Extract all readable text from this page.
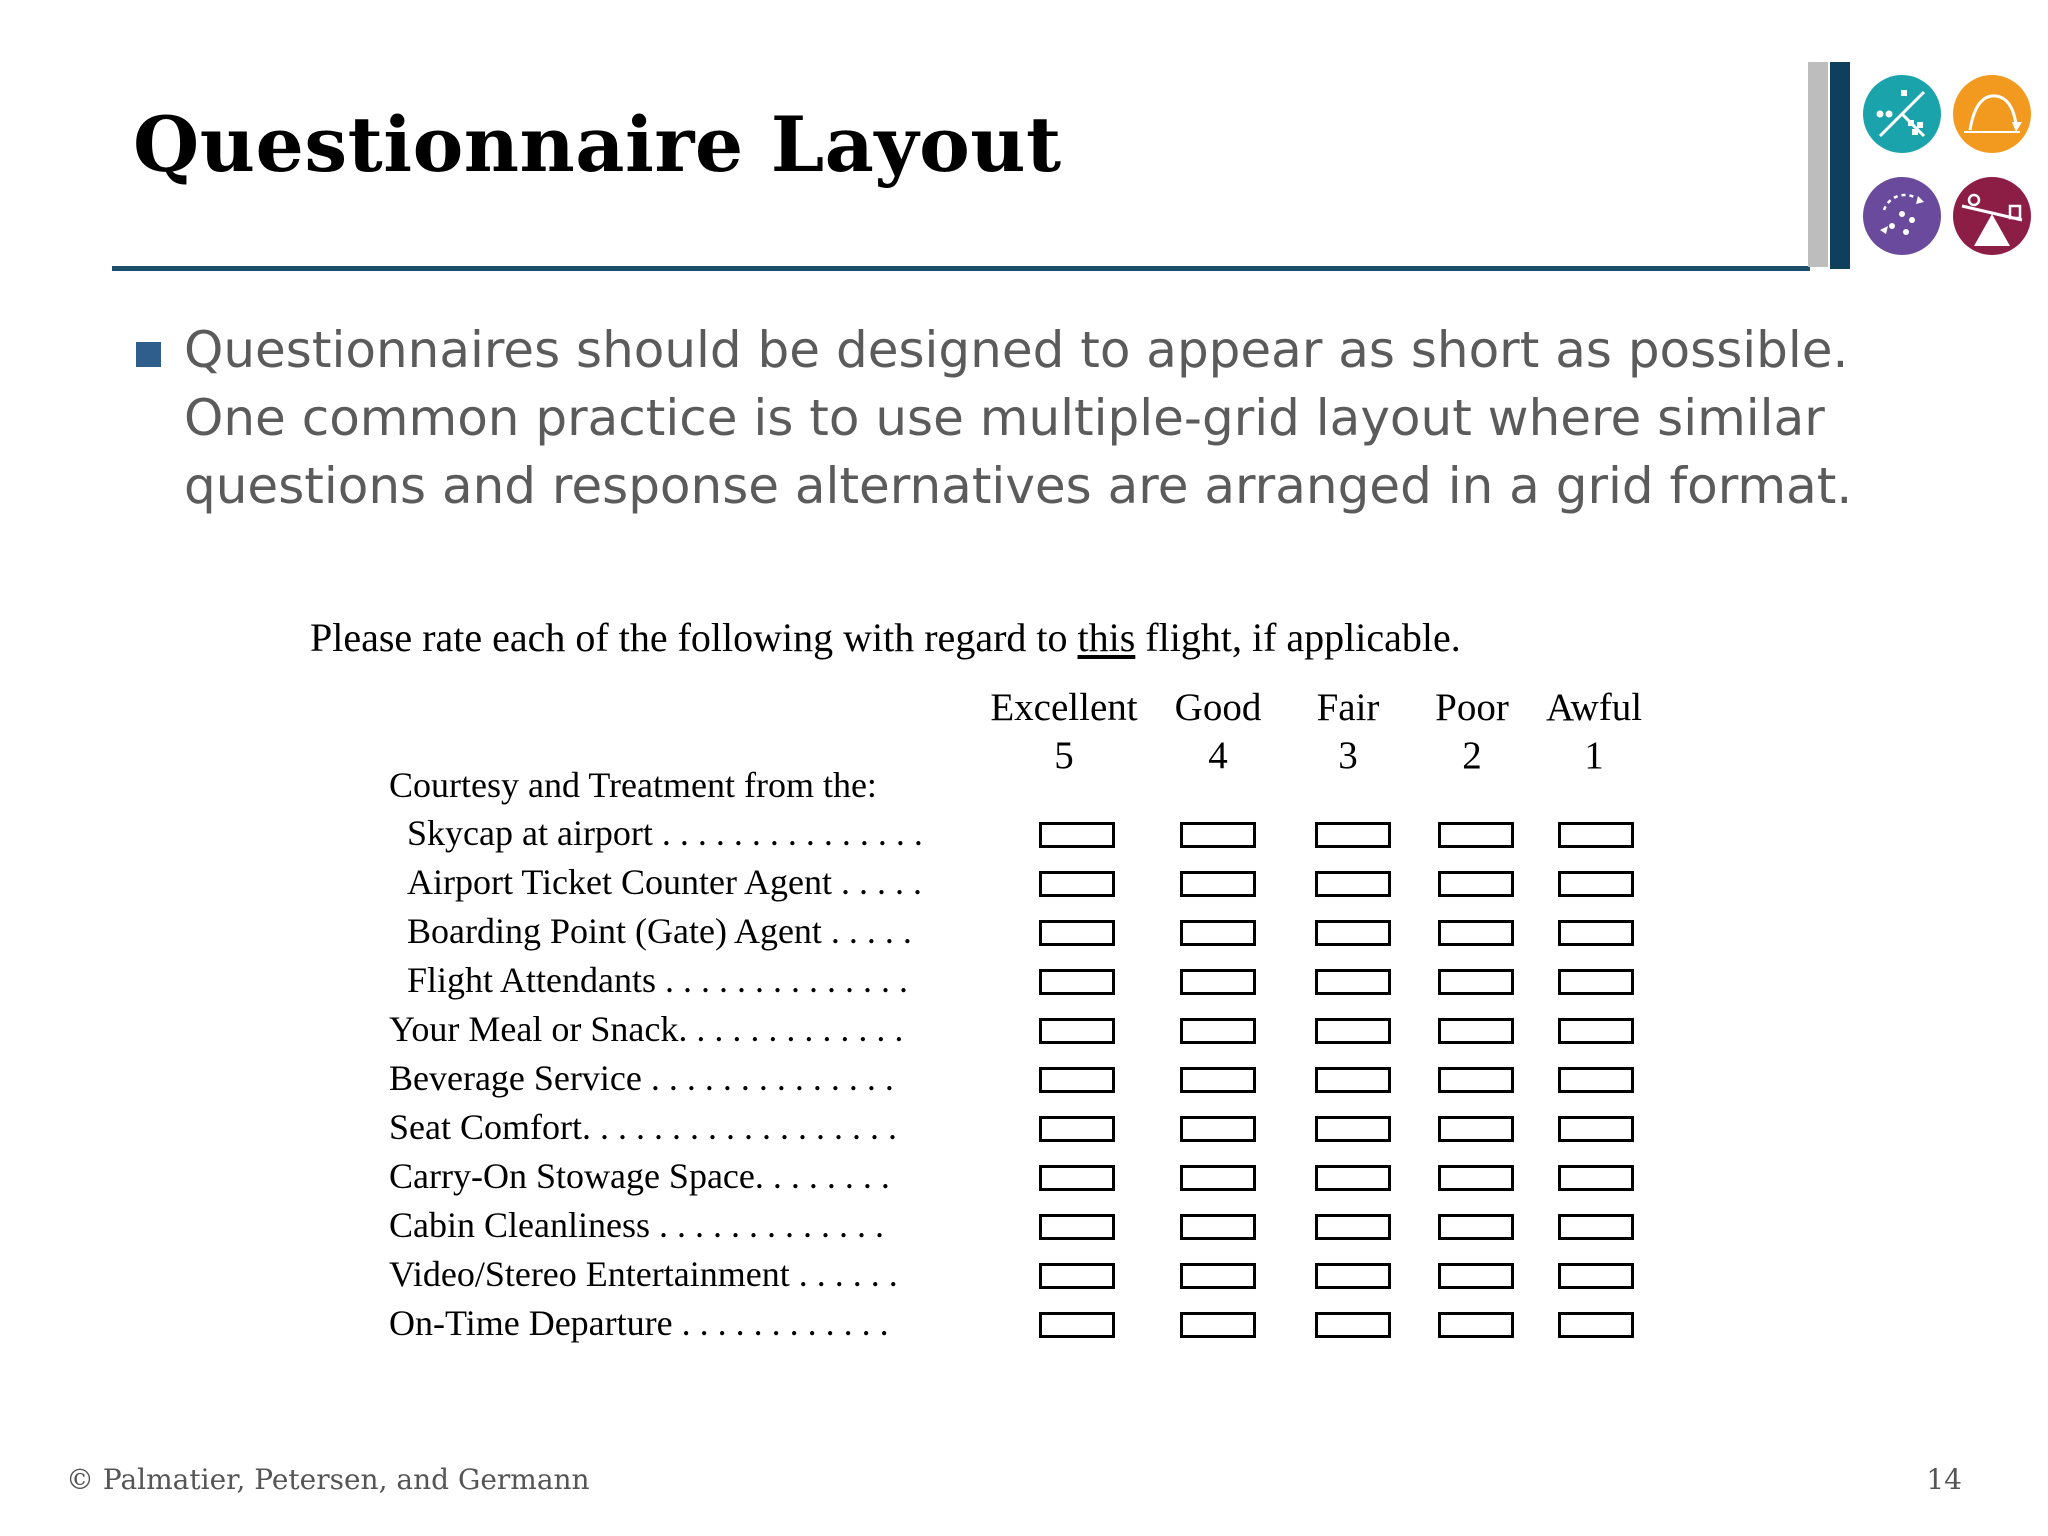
Questionnaire Layout

Questionnaires should be designed to appear as short as possible. One common practice is to use multiple-grid layout where similar questions and response alternatives are arranged in a grid format.

Please rate each of the following with regard to this flight, if applicable.

Excellent
5
Good
4
Fair
3
Poor
2
Awful
1
Courtesy and Treatment from the:
Skycap at airport . . . . . . . . . . . . . . .
Airport Ticket Counter Agent . . . . .
Boarding Point (Gate) Agent . . . . .
Flight Attendants . . . . . . . . . . . . . .
Your Meal or Snack. . . . . . . . . . . . .
Beverage Service . . . . . . . . . . . . . .
Seat Comfort. . . . . . . . . . . . . . . . . .
Carry-On Stowage Space. . . . . . . .
Cabin Cleanliness . . . . . . . . . . . . .
Video/Stereo Entertainment . . . . . .
On-Time Departure . . . . . . . . . . . .
© Palmatier, Petersen, and Germann	14
